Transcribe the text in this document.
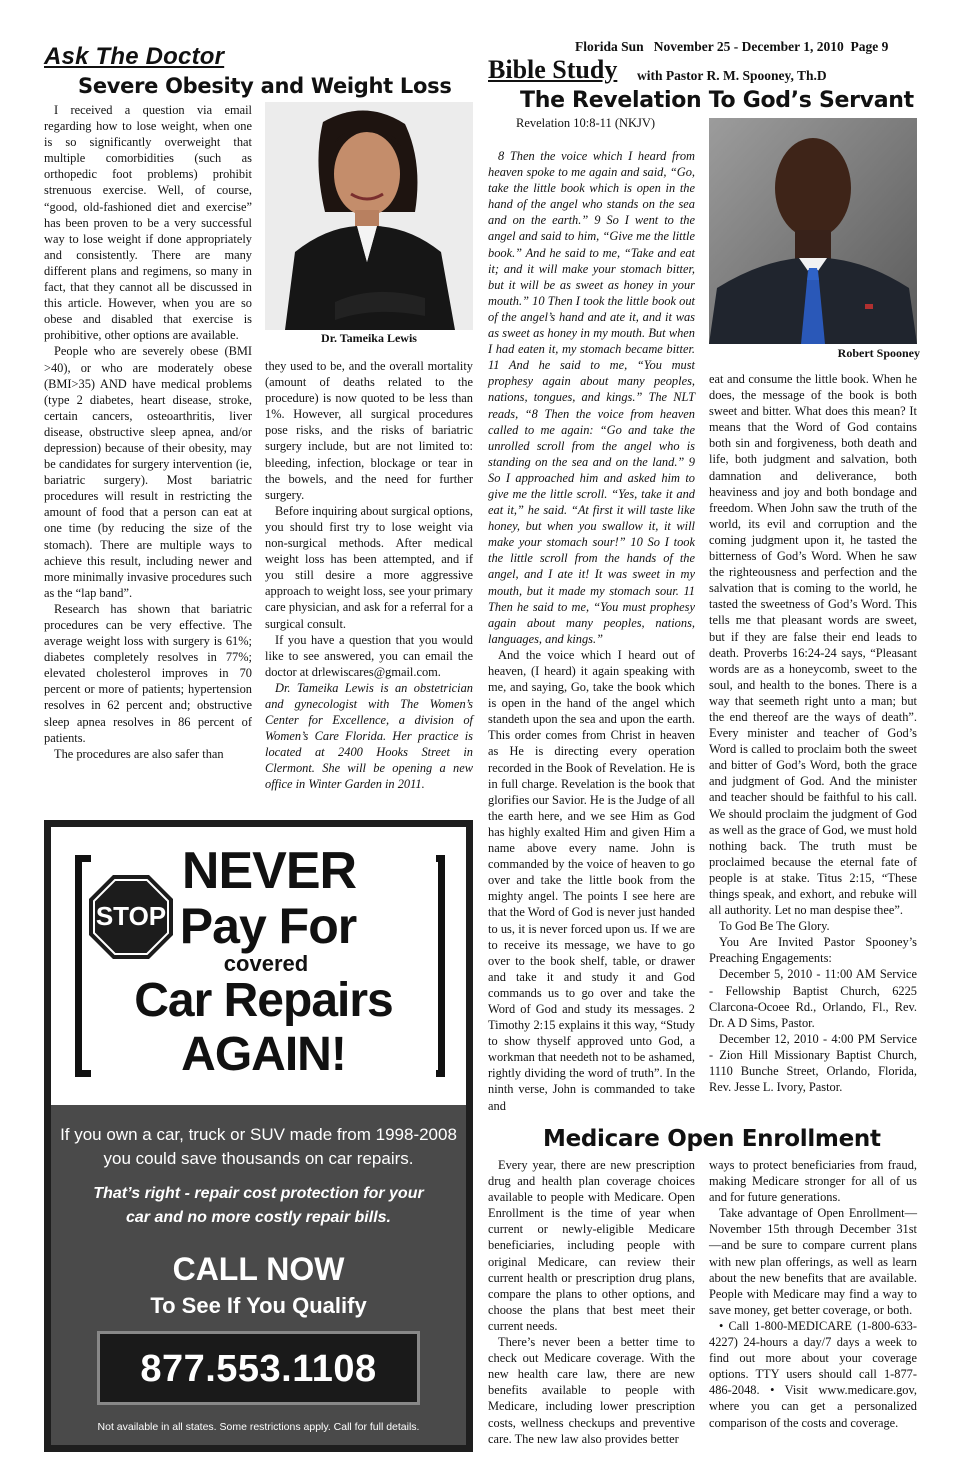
Florida Sun November 25 - December 1, 2010 Page 9
Ask The Doctor
Severe Obesity and Weight Loss

I received a question via email regarding how to lose weight, when one is so significantly overweight that multiple comorbidities (such as orthopedic foot problems) prohibit strenuous exercise. Well, of course, “good, old-fashioned diet and exercise” has been proven to be a very successful way to lose weight if done appropriately and consistently. There are many different plans and regimens, so many in fact, that they cannot all be discussed in this article. However, when you are so obese and disabled that exercise is prohibitive, other options are available.

People who are severely obese (BMI >40), or who are moderately obese (BMI>35) AND have medical problems (type 2 diabetes, heart disease, stroke, certain cancers, osteoarthritis, liver disease, obstructive sleep apnea, and/or depression) because of their obesity, may be candidates for surgery intervention (ie, bariatric surgery). Most bariatric procedures will result in restricting the amount of food that a person can eat at one time (by reducing the size of the stomach). There are multiple ways to achieve this result, including newer and more minimally invasive procedures such as the “lap band”.

Research has shown that bariatric procedures can be very effective. The average weight loss with surgery is 61%; diabetes completely resolves in 77%; elevated cholesterol improves in 70 percent or more of patients; hypertension resolves in 62 percent and; obstructive sleep apnea resolves in 86 percent of patients.

The procedures are also safer than

Dr. Tameika Lewis

they used to be, and the overall mortality (amount of deaths related to the procedure) is now quoted to be less than 1%. However, all surgical procedures pose risks, and the risks of bariatric surgery include, but are not limited to: bleeding, infection, blockage or tear in the bowels, and the need for further surgery.

Before inquiring about surgical options, you should first try to lose weight via non-surgical methods. After medical weight loss has been attempted, and if you still desire a more aggressive approach to weight loss, see your primary care physician, and ask for a referral for a surgical consult.

If you have a question that you would like to see answered, you can email the doctor at drlewiscares@gmail.com.

Dr. Tameika Lewis is an obstetrician and gynecologist with The Women’s Center for Excellence, a division of Women’s Care Florida. Her practice is located at 2400 Hooks Street in Clermont. She will be opening a new office in Winter Garden in 2011.

STOP
NEVER
Pay For
covered
Car Repairs
AGAIN!
If you own a car, truck or SUV made from 1998-2008
you could save thousands on car repairs.
That’s right - repair cost protection for your
car and no more costly repair bills.
CALL NOW
To See If You Qualify
877.553.1108
Not available in all states. Some restrictions apply. Call for full details.
Bible Study with Pastor R. M. Spooney, Th.D
The Revelation To God’s Servant
Revelation 10:8-11 (NKJV)

8 Then the voice which I heard from heaven spoke to me again and said, “Go, take the little book which is open in the hand of the angel who stands on the sea and on the earth.” 9 So I went to the angel and said to him, “Give me the little book.” And he said to me, “Take and eat it; and it will make your stomach bitter, but it will be as sweet as honey in your mouth.” 10 Then I took the little book out of the angel’s hand and ate it, and it was as sweet as honey in my mouth. But when I had eaten it, my stomach became bitter. 11 And he said to me, “You must prophesy again about many peoples, nations, tongues, and kings.” The NLT reads, “8 Then the voice from heaven called to me again: “Go and take the unrolled scroll from the angel who is standing on the sea and on the land.” 9 So I approached him and asked him to give me the little scroll. “Yes, take it and eat it,” he said. “At first it will taste like honey, but when you swallow it, it will make your stomach sour!” 10 So I took the little scroll from the hands of the angel, and I ate it! It was sweet in my mouth, but it made my stomach sour. 11 Then he said to me, “You must prophesy again about many peoples, nations, languages, and kings.”

And the voice which I heard out of heaven, (I heard) it again speaking with me, and saying, Go, take the book which is open in the hand of the angel which standeth upon the sea and upon the earth. This order comes from Christ in heaven as He is directing every operation recorded in the Book of Revelation. He is in full charge. Revelation is the book that glorifies our Savior. He is the Judge of all the earth here, and we see Him as God has highly exalted Him and given Him a name above every name. John is commanded by the voice of heaven to go over and take the little book from the mighty angel. The points I see here are that the Word of God is never just handed to us, it is never forced upon us. If we are to receive its message, we have to go over to the book shelf, table, or drawer and take it and study it and God commands us to go over and take the Word of God and study its messages. 2 Timothy 2:15 explains it this way, “Study to show thyself approved unto God, a workman that needeth not to be ashamed, rightly dividing the word of truth”. In the ninth verse, John is commanded to take and

Robert Spooney

eat and consume the little book. When he does, the message of the book is both sweet and bitter. What does this mean? It means that the Word of God contains both sin and forgiveness, both death and life, both judgment and salvation, both damnation and deliverance, both heaviness and joy and both bondage and freedom. When John saw the truth of the world, its evil and corruption and the coming judgment upon it, he tasted the bitterness of God’s Word. When he saw the righteousness and perfection and the salvation that is coming to the world, he tasted the sweetness of God’s Word. This tells me that pleasant words are sweet, but if they are false their end leads to death. Proverbs 16:24-24 says, “Pleasant words are as a honeycomb, sweet to the soul, and health to the bones. There is a way that seemeth right unto a man; but the end thereof are the ways of death”. Every minister and teacher of God’s Word is called to proclaim both the sweet and bitter of God’s Word, both the grace and judgment of God. And the minister and teacher should be faithful to his call. We should proclaim the judgment of God as well as the grace of God, we must hold nothing back. The truth must be proclaimed because the eternal fate of people is at stake. Titus 2:15, “These things speak, and exhort, and rebuke will all authority. Let no man despise thee”.

To God Be The Glory.

You Are Invited Pastor Spooney’s Preaching Engagements:

December 5, 2010 - 11:00 AM Service - Fellowship Baptist Church, 6225 Clarcona-Ocoee Rd., Orlando, Fl., Rev. Dr. A D Sims, Pastor.

December 12, 2010 - 4:00 PM Service - Zion Hill Missionary Baptist Church, 1110 Bunche Street, Orlando, Florida, Rev. Jesse L. Ivory, Pastor.

Medicare Open Enrollment

Every year, there are new prescription drug and health plan coverage choices available to people with Medicare. Open Enrollment is the time of year when current or newly-eligible Medicare beneficiaries, including people with original Medicare, can review their current health or prescription drug plans, compare the plans to other options, and choose the plans that best meet their current needs.

There’s never been a better time to check out Medicare coverage. With the new health care law, there are new benefits available to people with Medicare, including lower prescription costs, wellness checkups and preventive care. The new law also provides better

ways to protect beneficiaries from fraud, making Medicare stronger for all of us and for future generations.

Take advantage of Open Enrollment—November 15th through December 31st—and be sure to compare current plans with new plan offerings, as well as learn about the new benefits that are available. People with Medicare may find a way to save money, get better coverage, or both.

• Call 1-800-MEDICARE (1-800-633-4227) 24-hours a day/7 days a week to find out more about your coverage options. TTY users should call 1-877-486-2048. • Visit www.medicare.gov, where you can get a personalized comparison of the costs and coverage.
